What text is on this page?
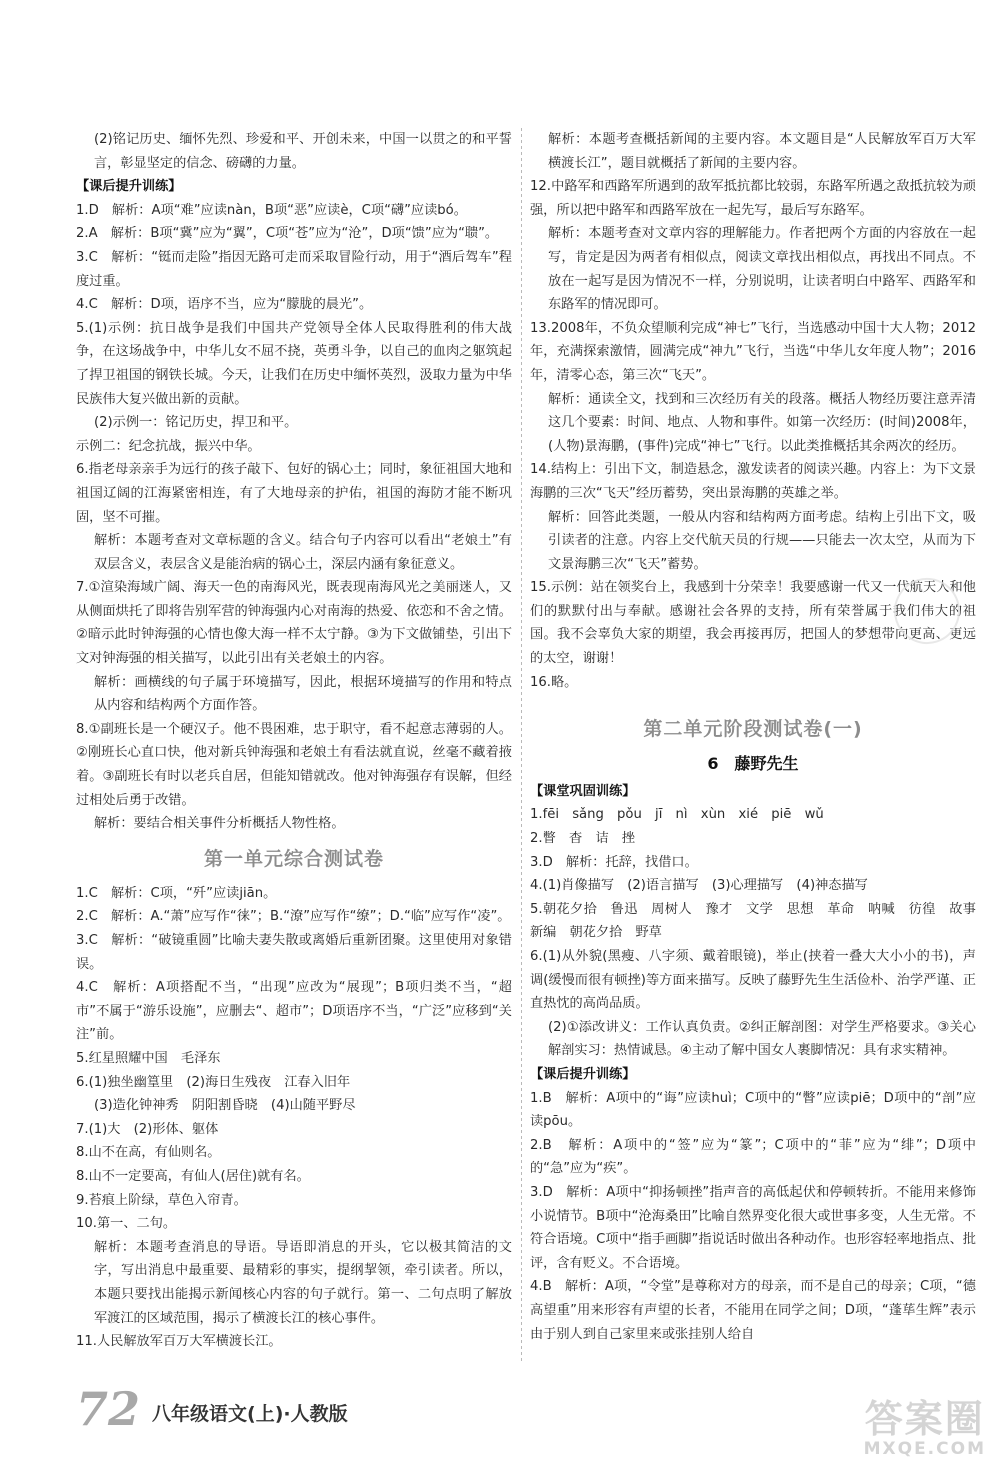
(2)铭记历史、缅怀先烈、珍爱和平、开创未来，中国一以贯之的和平誓言，彰显坚定的信念、磅礴的力量。

【课后提升训练】

1.D　解析：A项“难”应读nàn，B项“恶”应读è，C项“礴”应读bó。

2.A　解析：B项“冀”应为“翼”，C项“苍”应为“沧”，D项“馈”应为“聩”。

3.C　解析：“铤而走险”指因无路可走而采取冒险行动，用于“酒后驾车”程度过重。

4.C　解析：D项，语序不当，应为“朦胧的晨光”。

5.(1)示例：抗日战争是我们中国共产党领导全体人民取得胜利的伟大战争，在这场战争中，中华儿女不屈不挠，英勇斗争，以自己的血肉之躯筑起了捍卫祖国的钢铁长城。今天，让我们在历史中缅怀英烈，汲取力量为中华民族伟大复兴做出新的贡献。

(2)示例一：铭记历史，捍卫和平。

示例二：纪念抗战，振兴中华。

6.指老母亲亲手为远行的孩子敲下、包好的锅心土；同时，象征祖国大地和祖国辽阔的江海紧密相连，有了大地母亲的护佑，祖国的海防才能不断巩固，坚不可摧。

解析：本题考查对文章标题的含义。结合句子内容可以看出“老娘土”有双层含义，表层含义是能治病的锅心土，深层内涵有象征意义。

7.①渲染海域广阔、海天一色的南海风光，既表现南海风光之美丽迷人，又从侧面烘托了即将告别军营的钟海强内心对南海的热爱、依恋和不舍之情。②暗示此时钟海强的心情也像大海一样不太宁静。③为下文做铺垫，引出下文对钟海强的相关描写，以此引出有关老娘土的内容。

解析：画横线的句子属于环境描写，因此，根据环境描写的作用和特点从内容和结构两个方面作答。

8.①副班长是一个硬汉子。他不畏困难，忠于职守，看不起意志薄弱的人。②刚班长心直口快，他对新兵钟海强和老娘土有看法就直说，丝毫不藏着掖着。③副班长有时以老兵自居，但能知错就改。他对钟海强存有误解，但经过相处后勇于改错。

解析：要结合相关事件分析概括人物性格。

第一单元综合测试卷

1.C　解析：C项，“歼”应读jiān。

2.C　解析：A.“萧”应写作“徕”；B.“潦”应写作“缭”；D.“临”应写作“凌”。

3.C　解析：“破镜重圆”比喻夫妻失散或离婚后重新团聚。这里使用对象错误。

4.C　解析：A项搭配不当，“出现”应改为“展现”；B项归类不当，“超市”不属于“游乐设施”，应删去“、超市”；D项语序不当，“广泛”应移到“关注”前。

5.红星照耀中国　毛泽东

6.(1)独坐幽篁里　(2)海日生残夜　江春入旧年

(3)造化钟神秀　阴阳割昏晓　(4)山随平野尽

7.(1)大　(2)形体、躯体

8.山不在高，有仙则名。

8.山不一定要高，有仙人(居住)就有名。

9.苔痕上阶绿，草色入帘青。

10.第一、二句。

解析：本题考查消息的导语。导语即消息的开头，它以极其简洁的文字，写出消息中最重要、最精彩的事实，提纲挈领，牵引读者。所以，本题只要找出能揭示新闻核心内容的句子就行。第一、二句点明了解放军渡江的区域范围，揭示了横渡长江的核心事件。

11.人民解放军百万大军横渡长江。

解析：本题考查概括新闻的主要内容。本文题目是“人民解放军百万大军横渡长江”，题目就概括了新闻的主要内容。

12.中路军和西路军所遇到的敌军抵抗都比较弱，东路军所遇之敌抵抗较为顽强，所以把中路军和西路军放在一起先写，最后写东路军。

解析：本题考查对文章内容的理解能力。作者把两个方面的内容放在一起写，肯定是因为两者有相似点，阅读文章找出相似点，再找出不同点。不放在一起写是因为情况不一样，分别说明，让读者明白中路军、西路军和东路军的情况即可。

13.2008年，不负众望顺利完成“神七”飞行，当选感动中国十大人物；2012年，充满探索激情，圆满完成“神九”飞行，当选“中华儿女年度人物”；2016年，清零心态，第三次“飞天”。

解析：通读全文，找到和三次经历有关的段落。概括人物经历要注意弄清这几个要素：时间、地点、人物和事件。如第一次经历：(时间)2008年，(人物)景海鹏，(事件)完成“神七”飞行。以此类推概括其余两次的经历。

14.结构上：引出下文，制造悬念，激发读者的阅读兴趣。内容上：为下文景海鹏的三次“飞天”经历蓄势，突出景海鹏的英雄之举。

解析：回答此类题，一般从内容和结构两方面考虑。结构上引出下文，吸引读者的注意。内容上交代航天员的行规——只能去一次太空，从而为下文景海鹏三次“飞天”蓄势。

15.示例：站在领奖台上，我感到十分荣幸！我要感谢一代又一代航天人和他们的默默付出与奉献。感谢社会各界的支持，所有荣誉属于我们伟大的祖国。我不会辜负大家的期望，我会再接再厉，把国人的梦想带向更高、更远的太空，谢谢！

16.略。

第二单元阶段测试卷(一)

6　藤野先生

【课堂巩固训练】

1.fēi　sǎng　pǒu　jī　nì　xùn　xié　piē　wǔ

2.瞥　杳　诘　挫

3.D　解析：托辞，找借口。

4.(1)肖像描写　(2)语言描写　(3)心理描写　(4)神态描写

5.朝花夕拾　鲁迅　周树人　豫才　文学　思想　革命　呐喊　彷徨　故事新编　朝花夕拾　野草

6.(1)从外貌(黑瘦、八字须、戴着眼镜)，举止(挟着一叠大大小小的书)，声调(缓慢而很有顿挫)等方面来描写。反映了藤野先生生活俭朴、治学严谨、正直热忱的高尚品质。

(2)①添改讲义：工作认真负责。②纠正解剖图：对学生严格要求。③关心解剖实习：热情诚恳。④主动了解中国女人裹脚情况：具有求实精神。

【课后提升训练】

1.B　解析：A项中的“诲”应读huì；C项中的“瞥”应读piē；D项中的“剖”应读pōu。

2.B　解析：A项中的“签”应为“篆”；C项中的“菲”应为“绯”；D项中的“急”应为“疾”。

3.D　解析：A项中“抑扬顿挫”指声音的高低起伏和停顿转折。不能用来修饰小说情节。B项中“沧海桑田”比喻自然界变化很大或世事多变，人生无常。不符合语境。C项中“指手画脚”指说话时做出各种动作。也形容轻率地指点、批评，含有贬义。不合语境。

4.B　解析：A项，“令堂”是尊称对方的母亲，而不是自己的母亲；C项，“德高望重”用来形容有声望的长者，不能用在同学之间；D项，“蓬荜生辉”表示由于别人到自己家里来或张挂别人给自

72 八年级语文(上)·人教版	答案圈
MXQE.COM
